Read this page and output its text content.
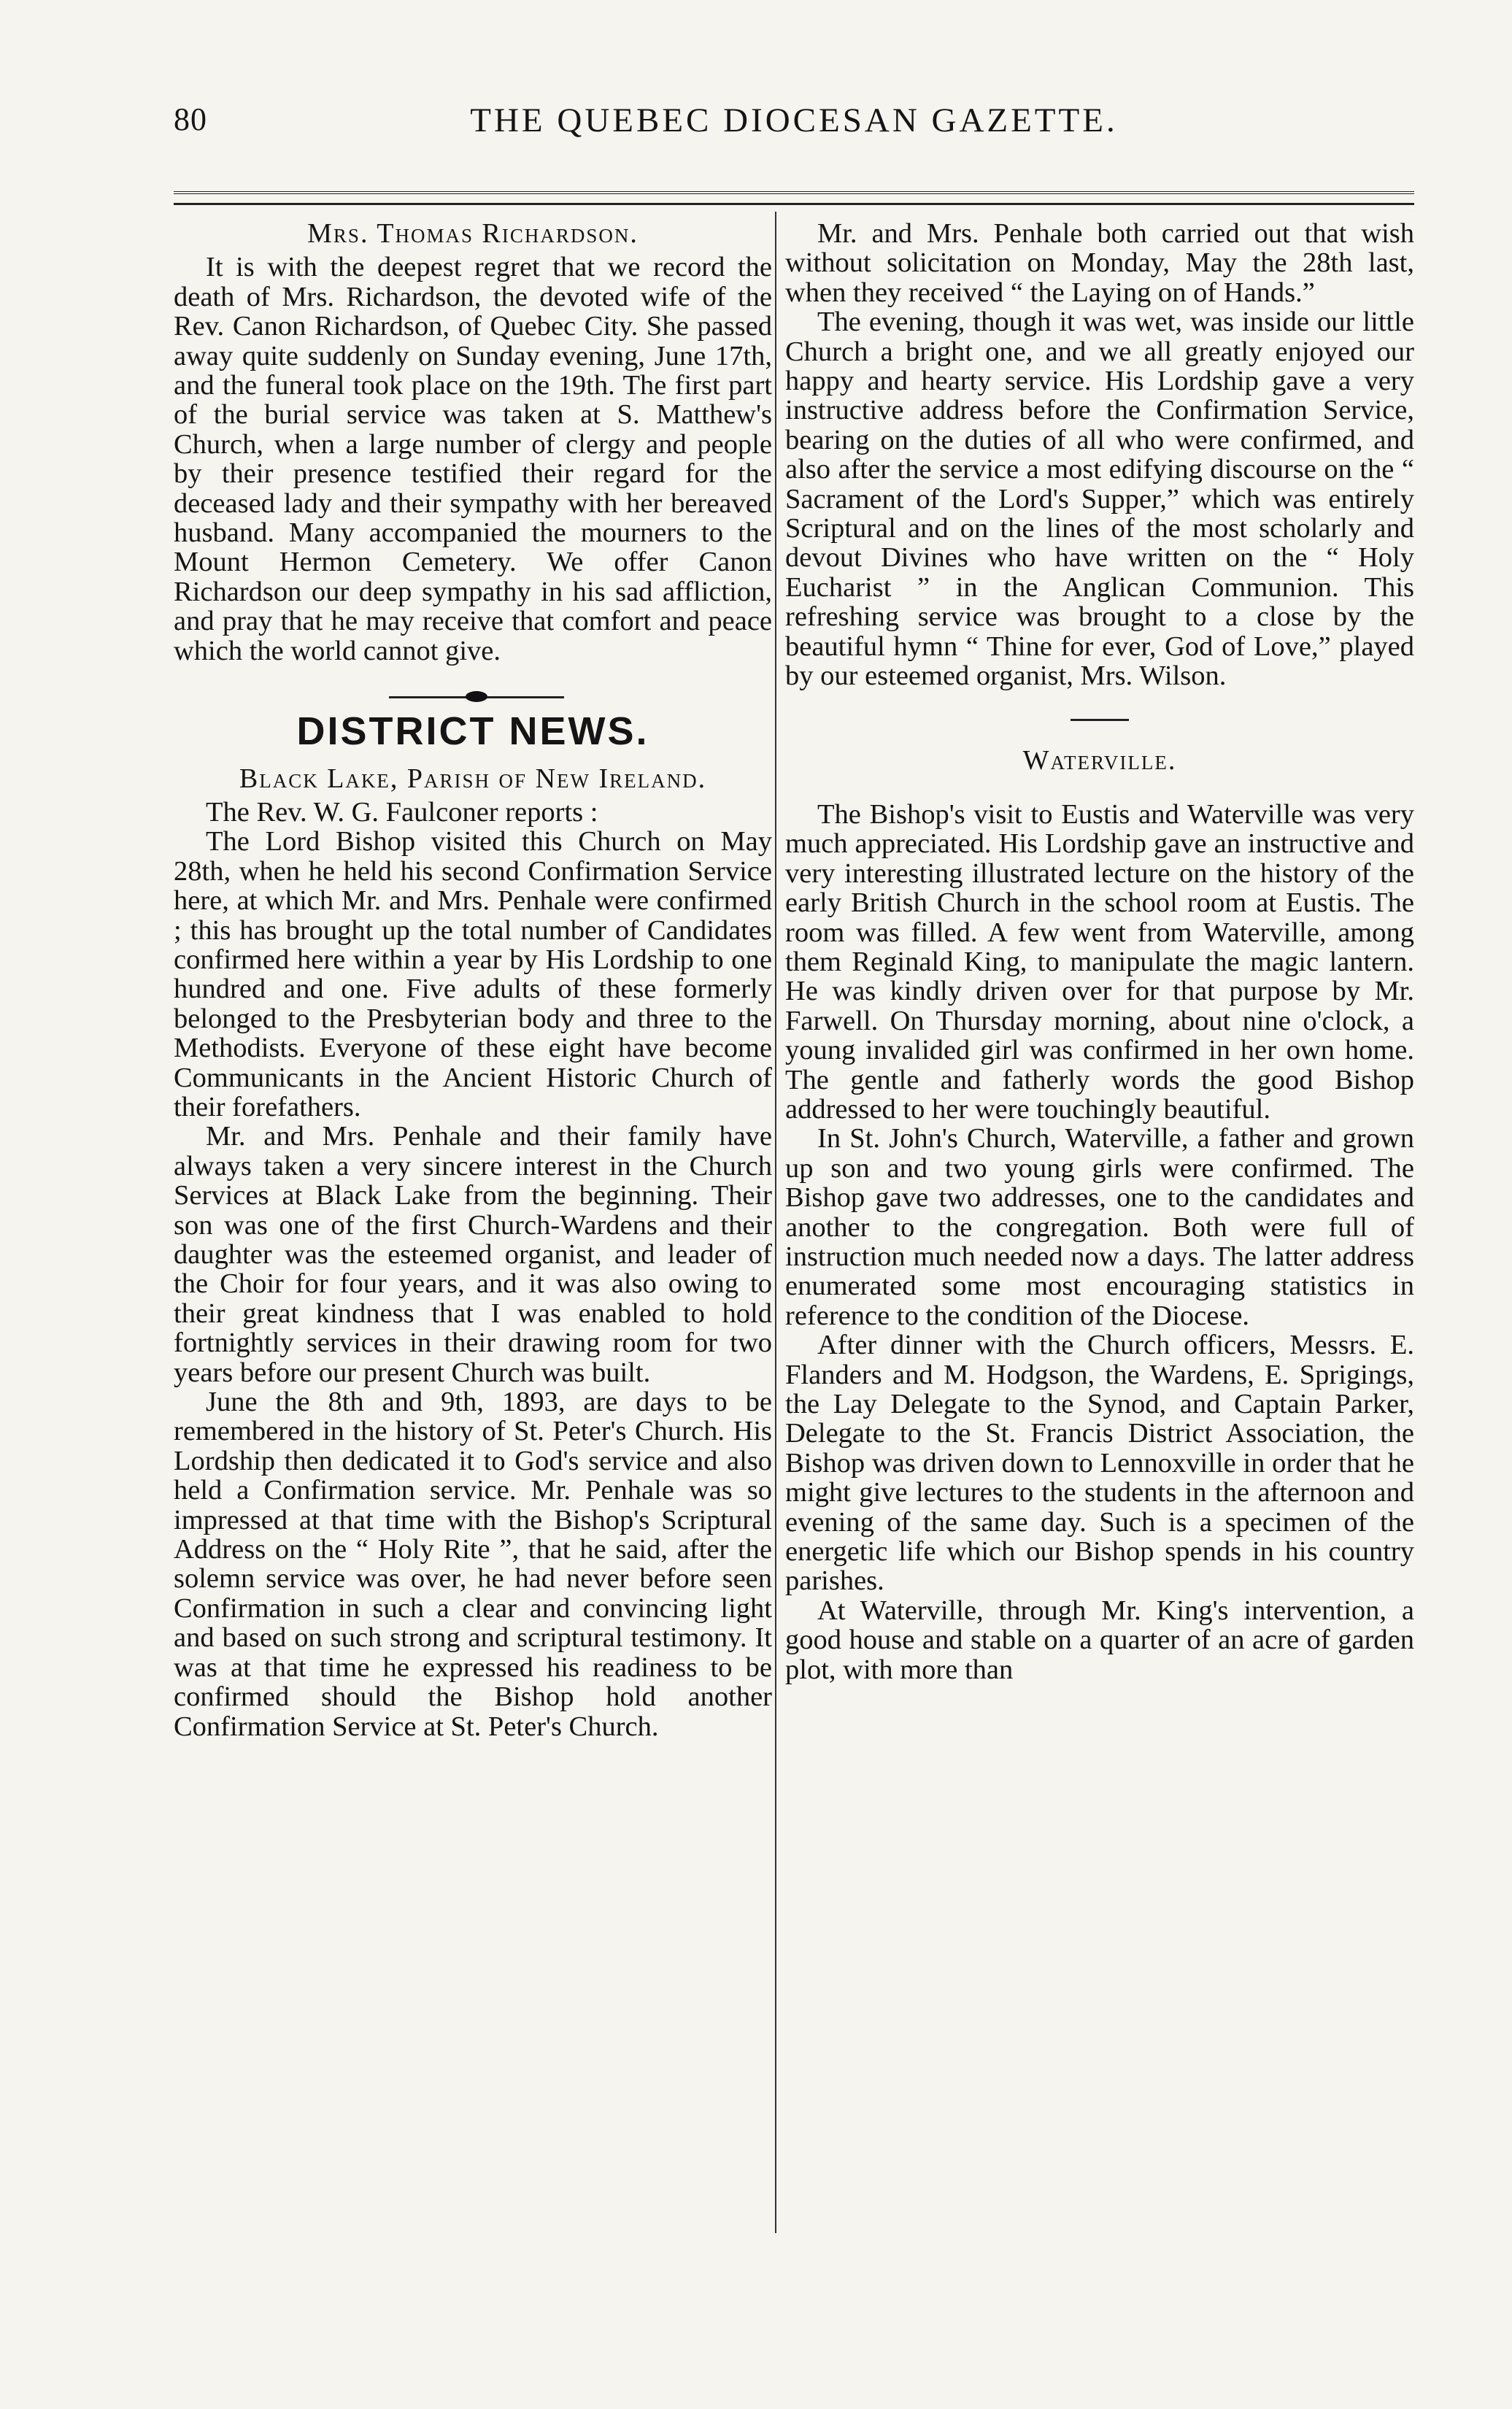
80	THE QUEBEC DIOCESAN GAZETTE.
Mrs. Thomas Richardson.

It is with the deepest regret that we record the death of Mrs. Richardson, the devoted wife of the Rev. Canon Richardson, of Quebec City. She passed away quite suddenly on Sunday evening, June 17th, and the funeral took place on the 19th. The first part of the burial service was taken at S. Matthew's Church, when a large number of clergy and people by their presence testified their regard for the deceased lady and their sympathy with her bereaved husband. Many accompanied the mourners to the Mount Hermon Cemetery. We offer Canon Richardson our deep sympathy in his sad affliction, and pray that he may receive that comfort and peace which the world cannot give.

DISTRICT NEWS.
Black Lake, Parish of New Ireland.

The Rev. W. G. Faulconer reports :

The Lord Bishop visited this Church on May 28th, when he held his second Confirmation Service here, at which Mr. and Mrs. Penhale were confirmed ; this has brought up the total number of Candidates confirmed here within a year by His Lordship to one hundred and one. Five adults of these formerly belonged to the Presbyterian body and three to the Methodists. Everyone of these eight have become Communicants in the Ancient Historic Church of their forefathers.

Mr. and Mrs. Penhale and their family have always taken a very sincere interest in the Church Services at Black Lake from the beginning. Their son was one of the first Church-Wardens and their daughter was the esteemed organist, and leader of the Choir for four years, and it was also owing to their great kindness that I was enabled to hold fortnightly services in their drawing room for two years before our present Church was built.

June the 8th and 9th, 1893, are days to be remembered in the history of St. Peter's Church. His Lordship then dedicated it to God's service and also held a Confirmation service. Mr. Penhale was so impressed at that time with the Bishop's Scriptural Address on the “ Holy Rite ”, that he said, after the solemn service was over, he had never before seen Confirmation in such a clear and convincing light and based on such strong and scriptural testimony. It was at that time he expressed his readiness to be confirmed should the Bishop hold another Confirmation Service at St. Peter's Church.

Mr. and Mrs. Penhale both carried out that wish without solicitation on Monday, May the 28th last, when they received “ the Laying on of Hands.”

The evening, though it was wet, was inside our little Church a bright one, and we all greatly enjoyed our happy and hearty service. His Lordship gave a very instructive address before the Confirmation Service, bearing on the duties of all who were confirmed, and also after the service a most edifying discourse on the “ Sacrament of the Lord's Supper,” which was entirely Scriptural and on the lines of the most scholarly and devout Divines who have written on the “ Holy Eucharist ” in the Anglican Communion. This refreshing service was brought to a close by the beautiful hymn “ Thine for ever, God of Love,” played by our esteemed organist, Mrs. Wilson.

Waterville.

The Bishop's visit to Eustis and Waterville was very much appreciated. His Lordship gave an instructive and very interesting illustrated lecture on the history of the early British Church in the school room at Eustis. The room was filled. A few went from Waterville, among them Reginald King, to manipulate the magic lantern. He was kindly driven over for that purpose by Mr. Farwell. On Thursday morning, about nine o'clock, a young invalided girl was confirmed in her own home. The gentle and fatherly words the good Bishop addressed to her were touchingly beautiful.

In St. John's Church, Waterville, a father and grown up son and two young girls were confirmed. The Bishop gave two addresses, one to the candidates and another to the congregation. Both were full of instruction much needed now a days. The latter address enumerated some most encouraging statistics in reference to the condition of the Diocese.

After dinner with the Church officers, Messrs. E. Flanders and M. Hodgson, the Wardens, E. Sprigings, the Lay Delegate to the Synod, and Captain Parker, Delegate to the St. Francis District Association, the Bishop was driven down to Lennoxville in order that he might give lectures to the students in the afternoon and evening of the same day. Such is a specimen of the energetic life which our Bishop spends in his country parishes.

At Waterville, through Mr. King's intervention, a good house and stable on a quarter of an acre of garden plot, with more than
